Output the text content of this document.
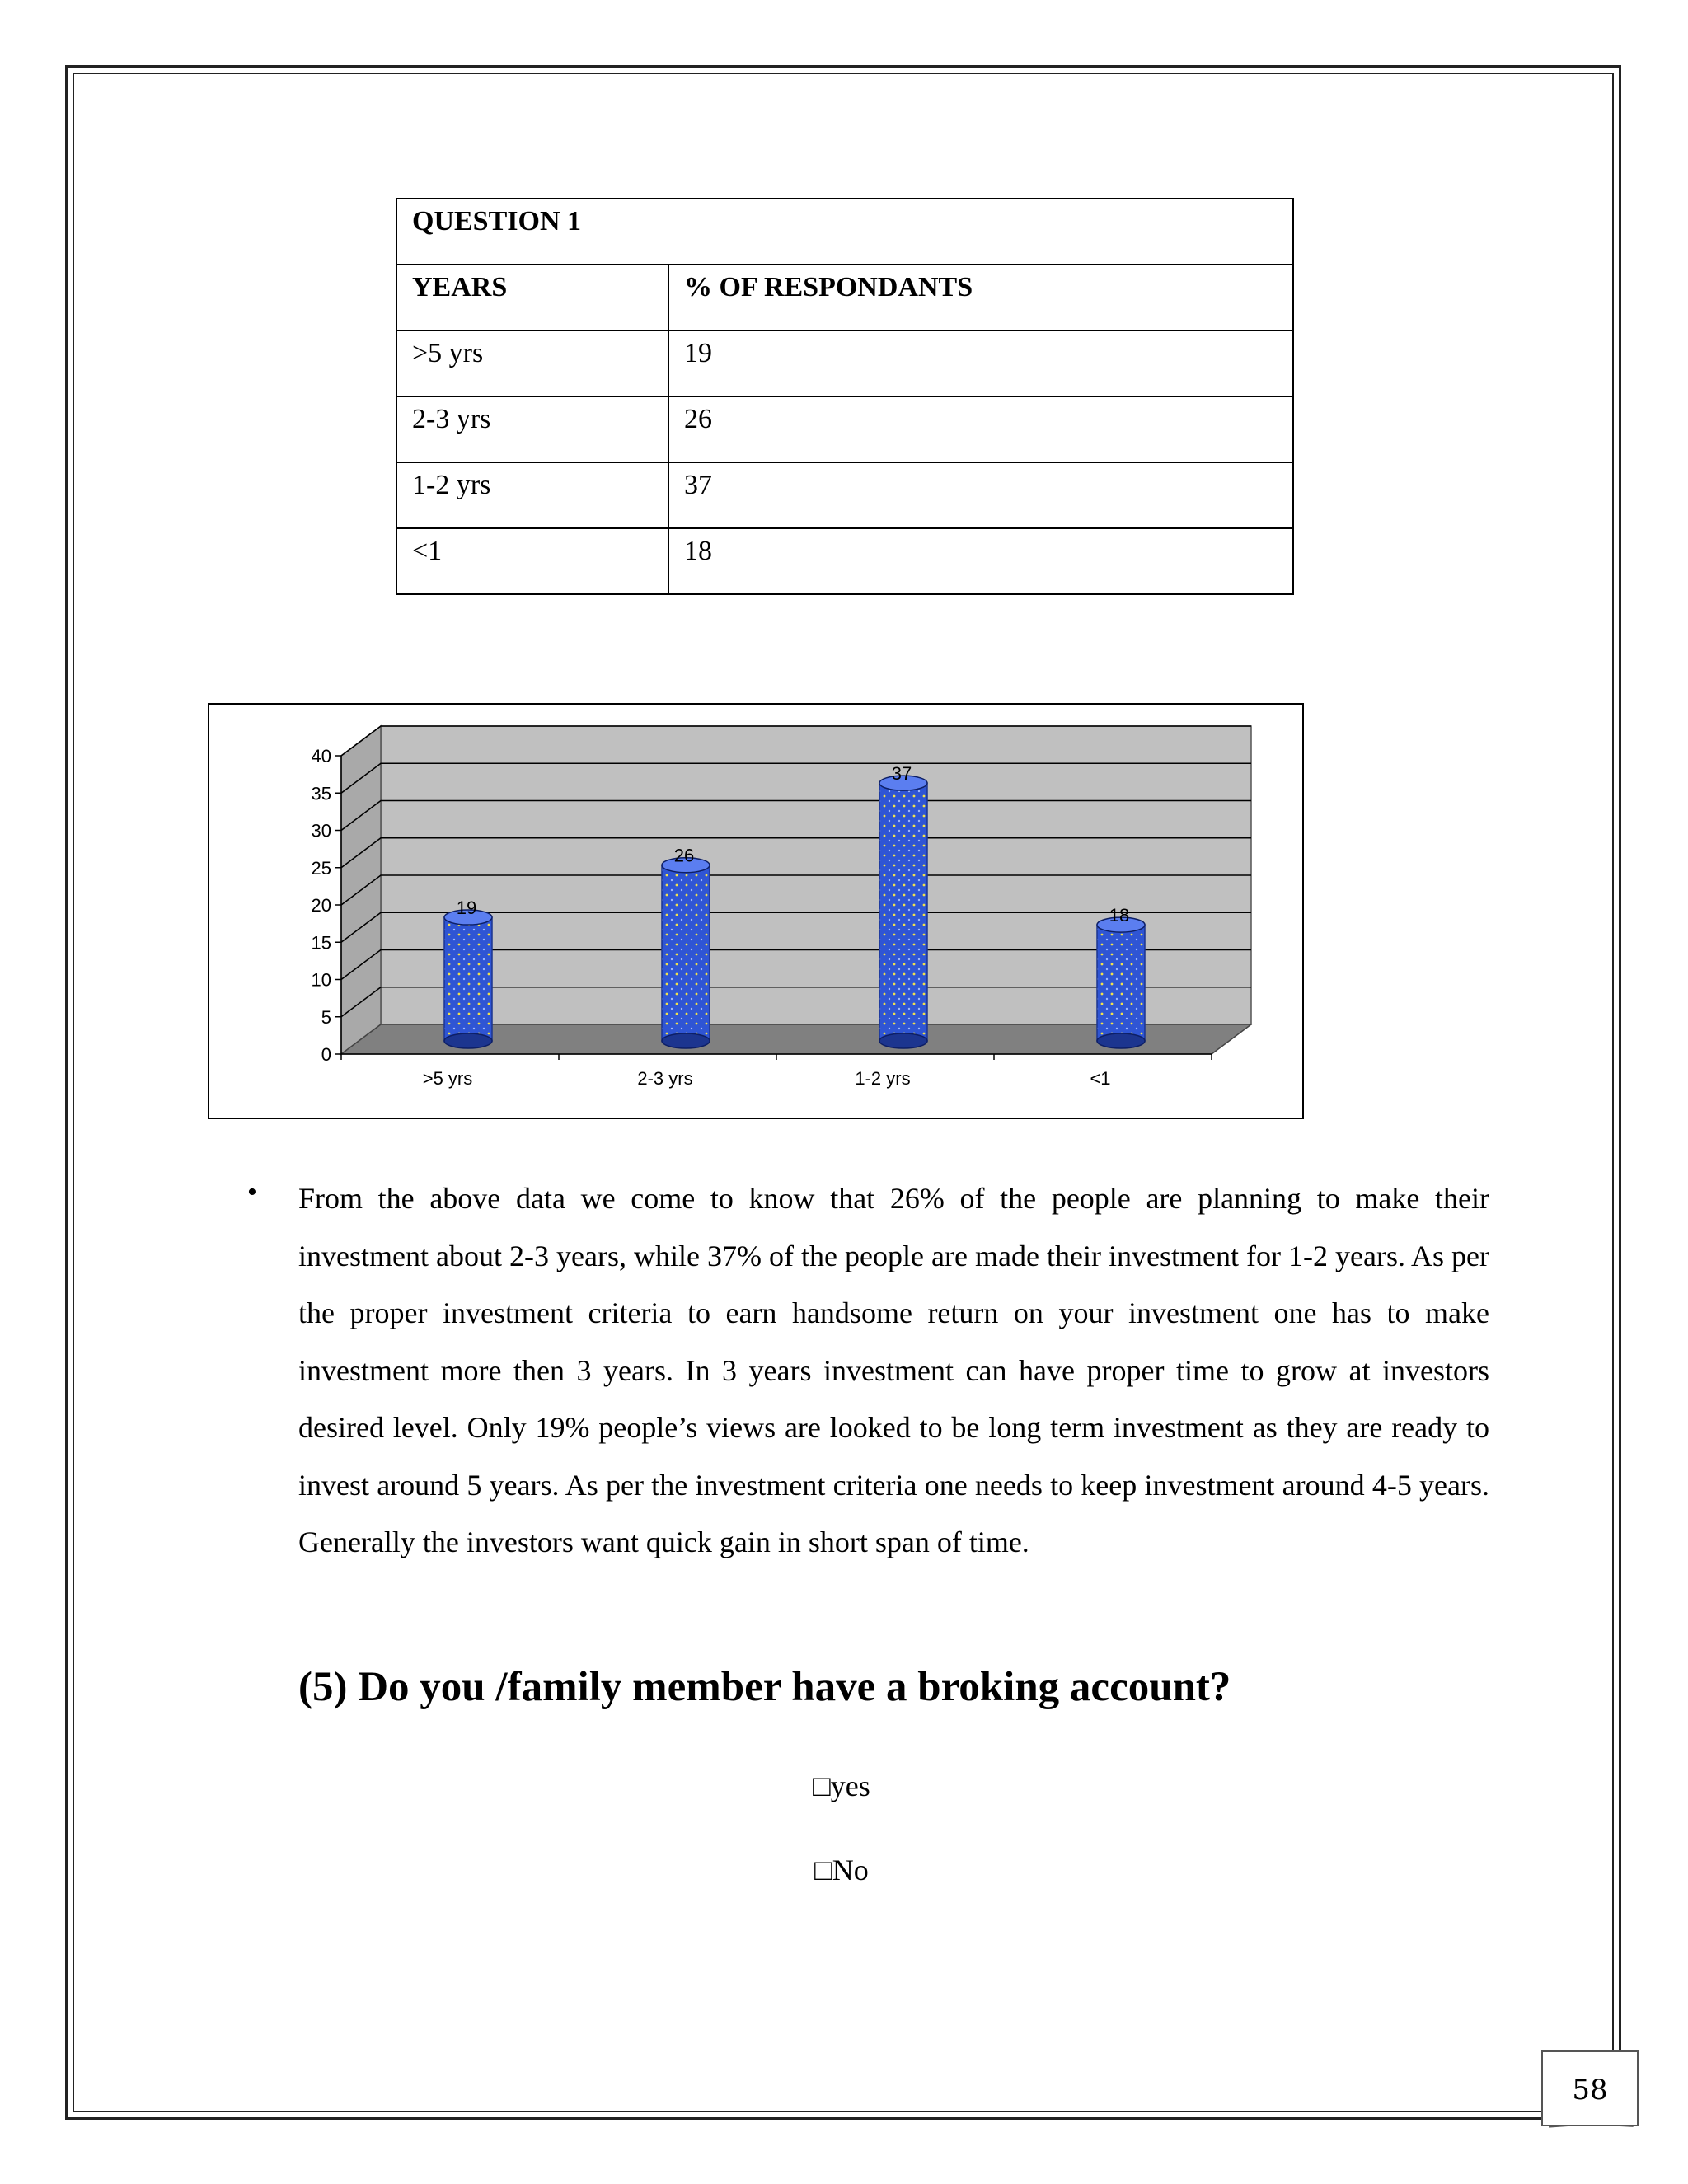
QUESTION 1	
YEARS	% OF RESPONDANTS
>5 yrs	19
2-3 yrs	26
1-2 yrs	37
<1	18
0
5
10
15
20
25
30
35
40
19
>5 yrs
26
2-3 yrs
37
1-2 yrs
18
<1
• From the above data we come to know that 26% of the people are planning to make their investment about 2-3 years, while 37% of the people are made their investment for 1-2 years. As per the proper investment criteria to earn handsome return on your investment one has to make investment more then 3 years. In 3 years investment can have proper time to grow at investors desired level. Only 19% people’s views are looked to be long term investment as they are ready to invest around 5 years. As per the investment criteria one needs to keep investment around 4-5 years. Generally the investors want quick gain in short span of time.
(5) Do you /family member have a broking account?
□yes
□No
58
